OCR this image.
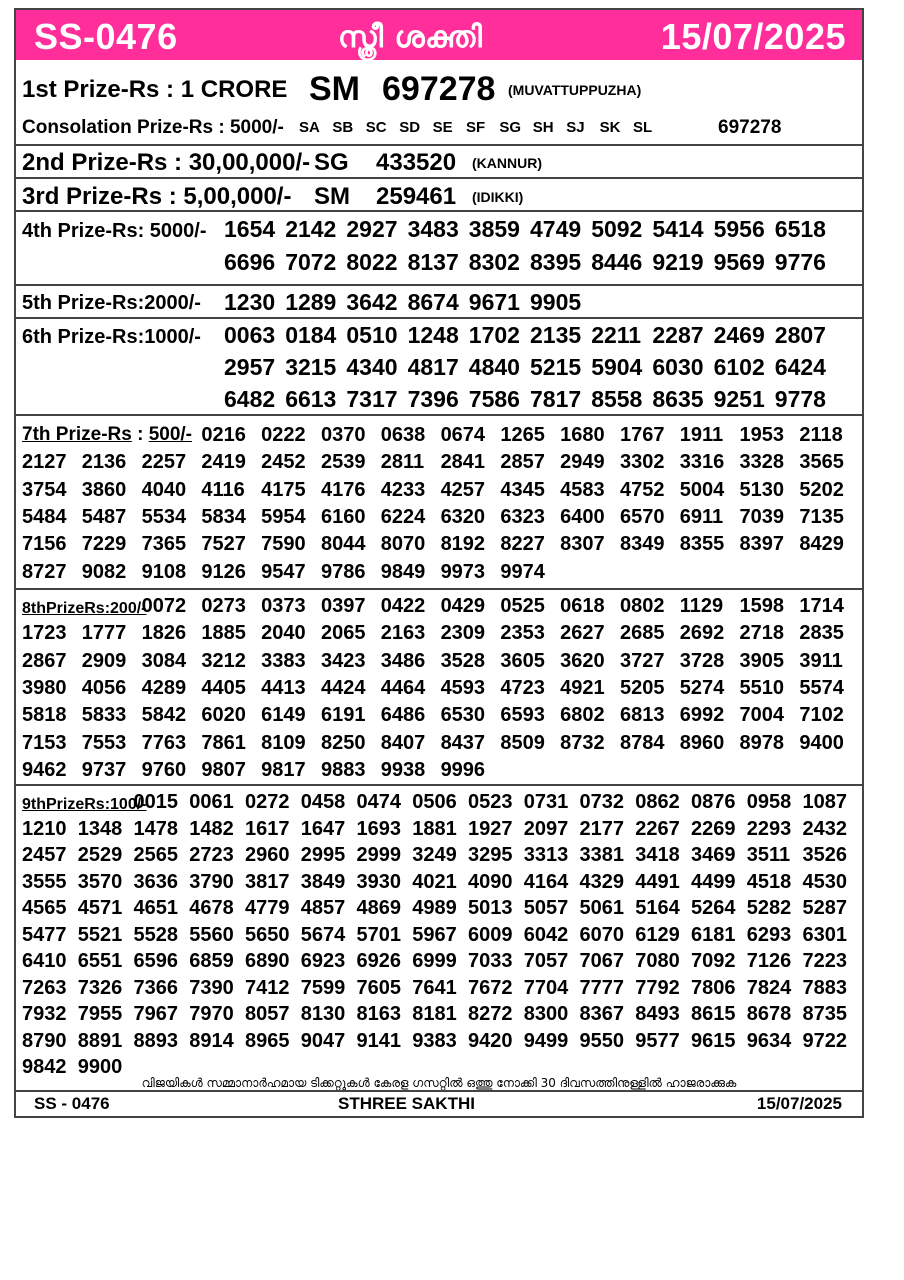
SS-0476	സ്ത്രീ ശക്തി	15/07/2025
1st Prize-Rs : 1 CRORE SM 697278 (MUVATTUPPUZHA)
Consolation Prize-Rs : 5000/- SA SB SC SD SE SF SG SH SJ SK SL	697278
2nd Prize-Rs : 30,00,000/- SG 433520 (KANNUR)
3rd Prize-Rs : 5,00,000/- SM 259461 (IDIKKI)
4th Prize-Rs: 5000/- 1654 2142 2927 3483 3859 4749 5092 5414 5956 6518
6696 7072 8022 8137 8302 8395 8446 9219 9569 9776
5th Prize-Rs:2000/- 1230 1289 3642 8674 9671 9905
6th Prize-Rs:1000/- 0063 0184 0510 1248 1702 2135 2211 2287 2469 2807
2957 3215 4340 4817 4840 5215 5904 6030 6102 6424
6482 6613 7317 7396 7586 7817 8558 8635 9251 9778
7th Prize-Rs : 500/- 0216 0222 0370 0638 0674 1265 1680 1767 1911 1953 2118
2127 2136 2257 2419 2452 2539 2811 2841 2857 2949 3302 3316 3328 3565
3754 3860 4040 4116 4175 4176 4233 4257 4345 4583 4752 5004 5130 5202
5484 5487 5534 5834 5954 6160 6224 6320 6323 6400 6570 6911 7039 7135
7156 7229 7365 7527 7590 8044 8070 8192 8227 8307 8349 8355 8397 8429
8727 9082 9108 9126 9547 9786 9849 9973 9974
8thPrizeRs:200/-
0072 0273 0373 0397 0422 0429 0525 0618 0802 1129 1598 1714
1723 1777 1826 1885 2040 2065 2163 2309 2353 2627 2685 2692 2718 2835
2867 2909 3084 3212 3383 3423 3486 3528 3605 3620 3727 3728 3905 3911
3980 4056 4289 4405 4413 4424 4464 4593 4723 4921 5205 5274 5510 5574
5818 5833 5842 6020 6149 6191 6486 6530 6593 6802 6813 6992 7004 7102
7153 7553 7763 7861 8109 8250 8407 8437 8509 8732 8784 8960 8978 9400
9462 9737 9760 9807 9817 9883 9938 9996
9thPrizeRs:100/-
0015 0061 0272 0458 0474 0506 0523 0731 0732 0862 0876 0958 1087
1210 1348 1478 1482 1617 1647 1693 1881 1927 2097 2177 2267 2269 2293 2432
2457 2529 2565 2723 2960 2995 2999 3249 3295 3313 3381 3418 3469 3511 3526
3555 3570 3636 3790 3817 3849 3930 4021 4090 4164 4329 4491 4499 4518 4530
4565 4571 4651 4678 4779 4857 4869 4989 5013 5057 5061 5164 5264 5282 5287
5477 5521 5528 5560 5650 5674 5701 5967 6009 6042 6070 6129 6181 6293 6301
6410 6551 6596 6859 6890 6923 6926 6999 7033 7057 7067 7080 7092 7126 7223
7263 7326 7366 7390 7412 7599 7605 7641 7672 7704 7777 7792 7806 7824 7883
7932 7955 7967 7970 8057 8130 8163 8181 8272 8300 8367 8493 8615 8678 8735
8790 8891 8893 8914 8965 9047 9141 9383 9420 9499 9550 9577 9615 9634 9722
9842 9900
വിജയികൾ സമ്മാനാർഹമായ ടിക്കറ്റുകൾ കേരള ഗസറ്റിൽ ഒത്തു നോക്കി 30 ദിവസത്തിനുള്ളിൽ ഹാജരാക്കുക
SS - 0476	STHREE SAKTHI	15/07/2025
